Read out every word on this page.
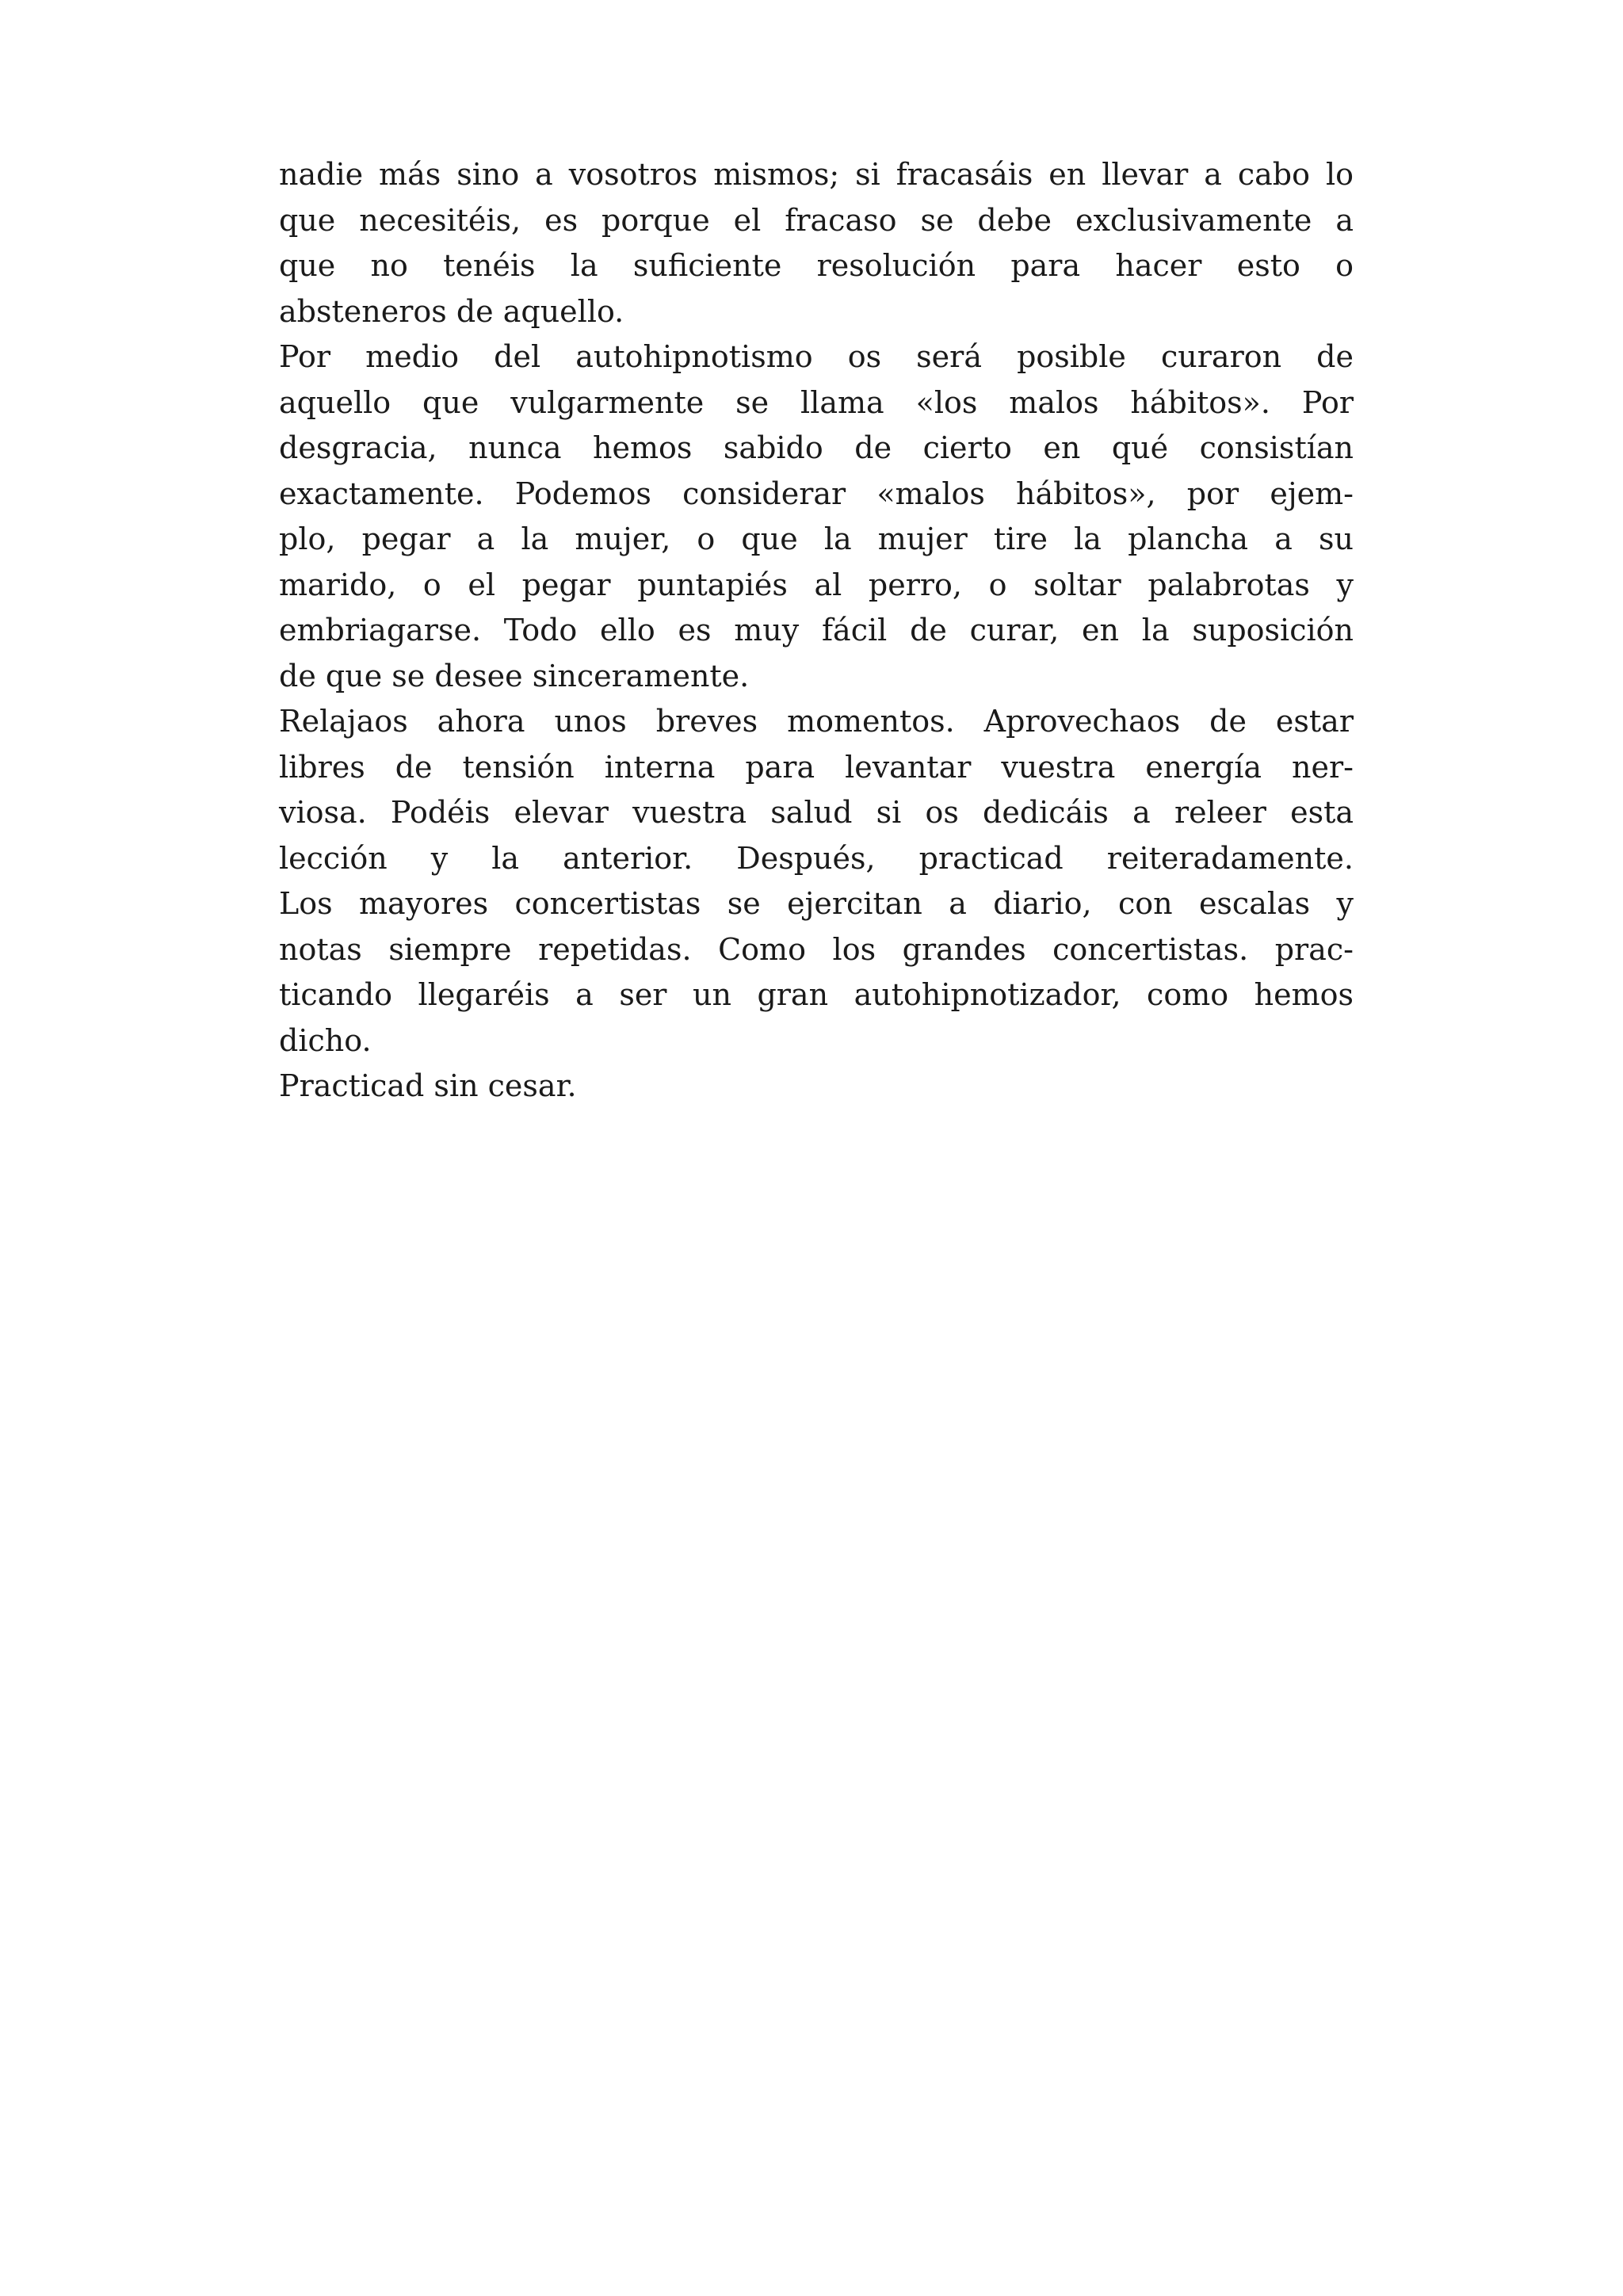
nadie más sino a vosotros mismos; si fracasáis en llevar a cabo lo
que necesitéis, es porque el fracaso se debe exclusivamente a
que no tenéis la suficiente resolución para hacer esto o
absteneros de aquello.
Por medio del autohipnotismo os será posible curaron de
aquello que vulgarmente se llama «los malos hábitos». Por
desgracia, nunca hemos sabido de cierto en qué consistían
exactamente. Podemos considerar «malos hábitos», por ejem-
plo, pegar a la mujer, o que la mujer tire la plancha a su
marido, o el pegar puntapiés al perro, o soltar palabrotas y
embriagarse. Todo ello es muy fácil de curar, en la suposición
de que se desee sinceramente.
Relajaos ahora unos breves momentos. Aprovechaos de estar
libres de tensión interna para levantar vuestra energía ner-
viosa. Podéis elevar vuestra salud si os dedicáis a releer esta
lección y la anterior. Después, practicad reiteradamente.
Los mayores concertistas se ejercitan a diario, con escalas y
notas siempre repetidas. Como los grandes concertistas. prac-
ticando llegaréis a ser un gran autohipnotizador, como hemos
dicho.
Practicad sin cesar.
